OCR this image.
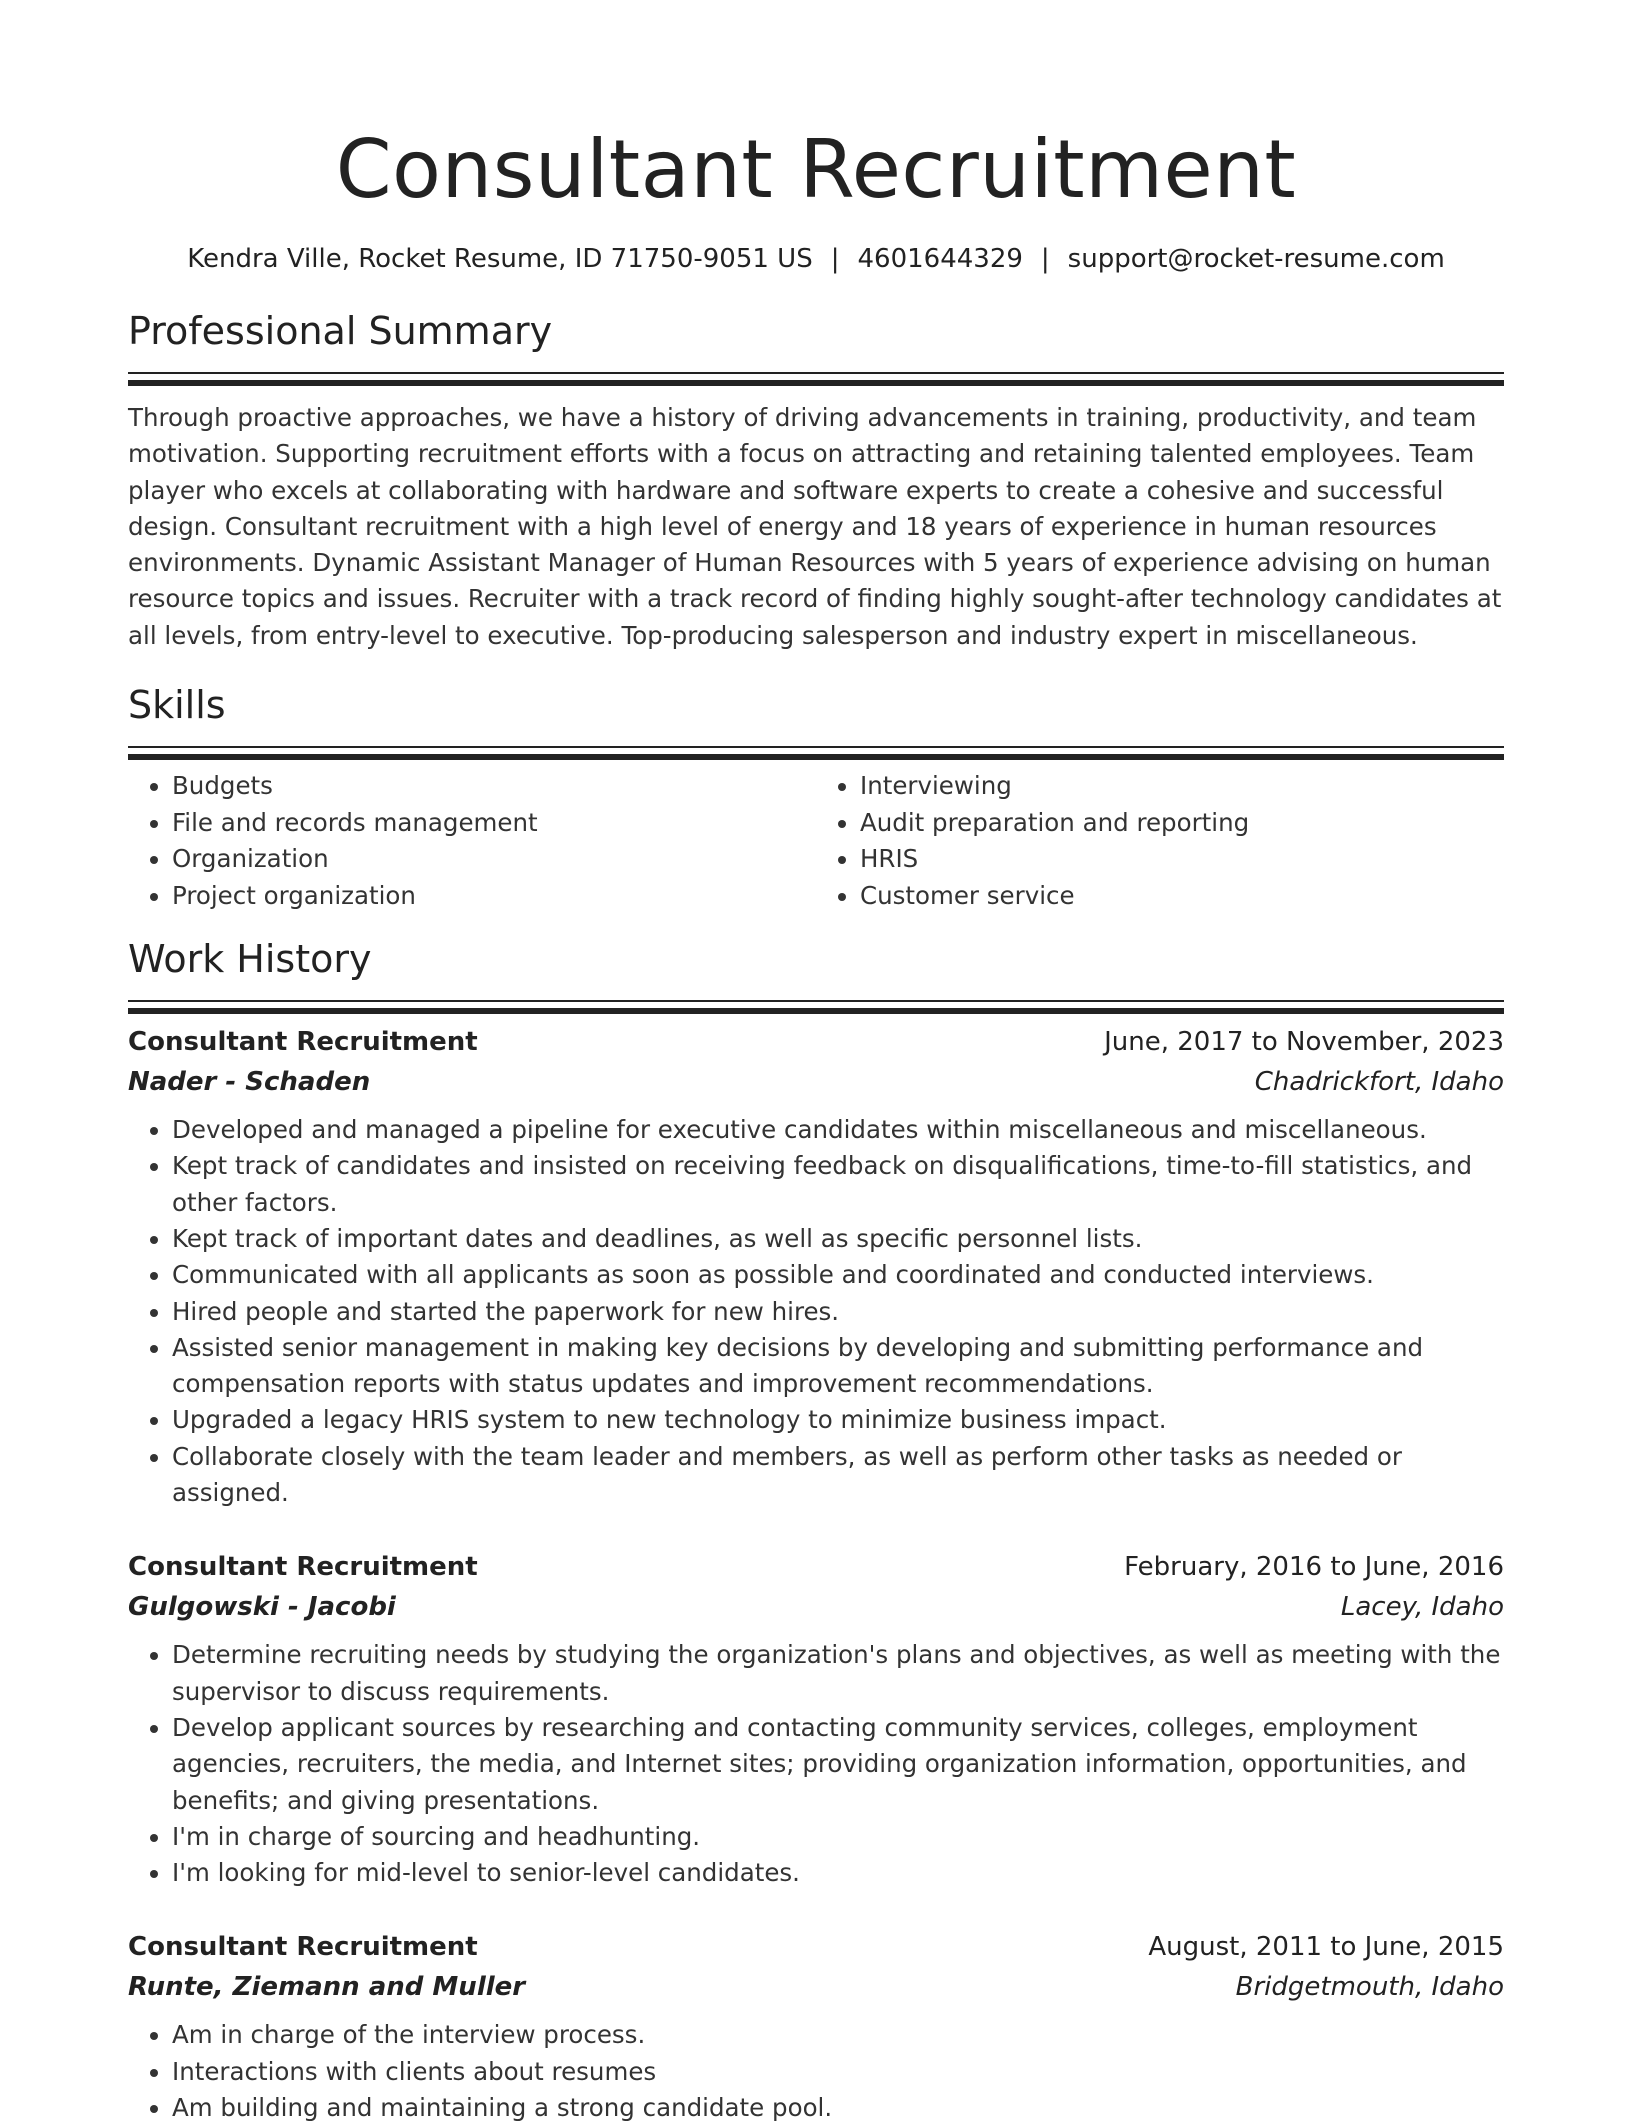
Consultant Recruitment
Kendra Ville, Rocket Resume, ID 71750-9051 US | 4601644329 | support@rocket-resume.com
Professional Summary

Through proactive approaches, we have a history of driving advancements in training, productivity, and team motivation. Supporting recruitment efforts with a focus on attracting and retaining talented employees. Team player who excels at collaborating with hardware and software experts to create a cohesive and successful design. Consultant recruitment with a high level of energy and 18 years of experience in human resources environments. Dynamic Assistant Manager of Human Resources with 5 years of experience advising on human resource topics and issues. Recruiter with a track record of finding highly sought-after technology candidates at all levels, from entry-level to executive. Top-producing salesperson and industry expert in miscellaneous.

Skills
• Budgets
• File and records management
• Organization
• Project organization
• Interviewing
• Audit preparation and reporting
• HRIS
• Customer service
Work History
Consultant Recruitment	June, 2017 to November, 2023
Nader - Schaden	Chadrickfort, Idaho
• Developed and managed a pipeline for executive candidates within miscellaneous and miscellaneous.
• Kept track of candidates and insisted on receiving feedback on disqualifications, time-to-fill statistics, and other factors.
• Kept track of important dates and deadlines, as well as specific personnel lists.
• Communicated with all applicants as soon as possible and coordinated and conducted interviews.
• Hired people and started the paperwork for new hires.
• Assisted senior management in making key decisions by developing and submitting performance and compensation reports with status updates and improvement recommendations.
• Upgraded a legacy HRIS system to new technology to minimize business impact.
• Collaborate closely with the team leader and members, as well as perform other tasks as needed or assigned.
Consultant Recruitment	February, 2016 to June, 2016
Gulgowski - Jacobi	Lacey, Idaho
• Determine recruiting needs by studying the organization's plans and objectives, as well as meeting with the supervisor to discuss requirements.
• Develop applicant sources by researching and contacting community services, colleges, employment agencies, recruiters, the media, and Internet sites; providing organization information, opportunities, and benefits; and giving presentations.
• I'm in charge of sourcing and headhunting.
• I'm looking for mid-level to senior-level candidates.
Consultant Recruitment	August, 2011 to June, 2015
Runte, Ziemann and Muller	Bridgetmouth, Idaho
• Am in charge of the interview process.
• Interactions with clients about resumes
• Am building and maintaining a strong candidate pool.
